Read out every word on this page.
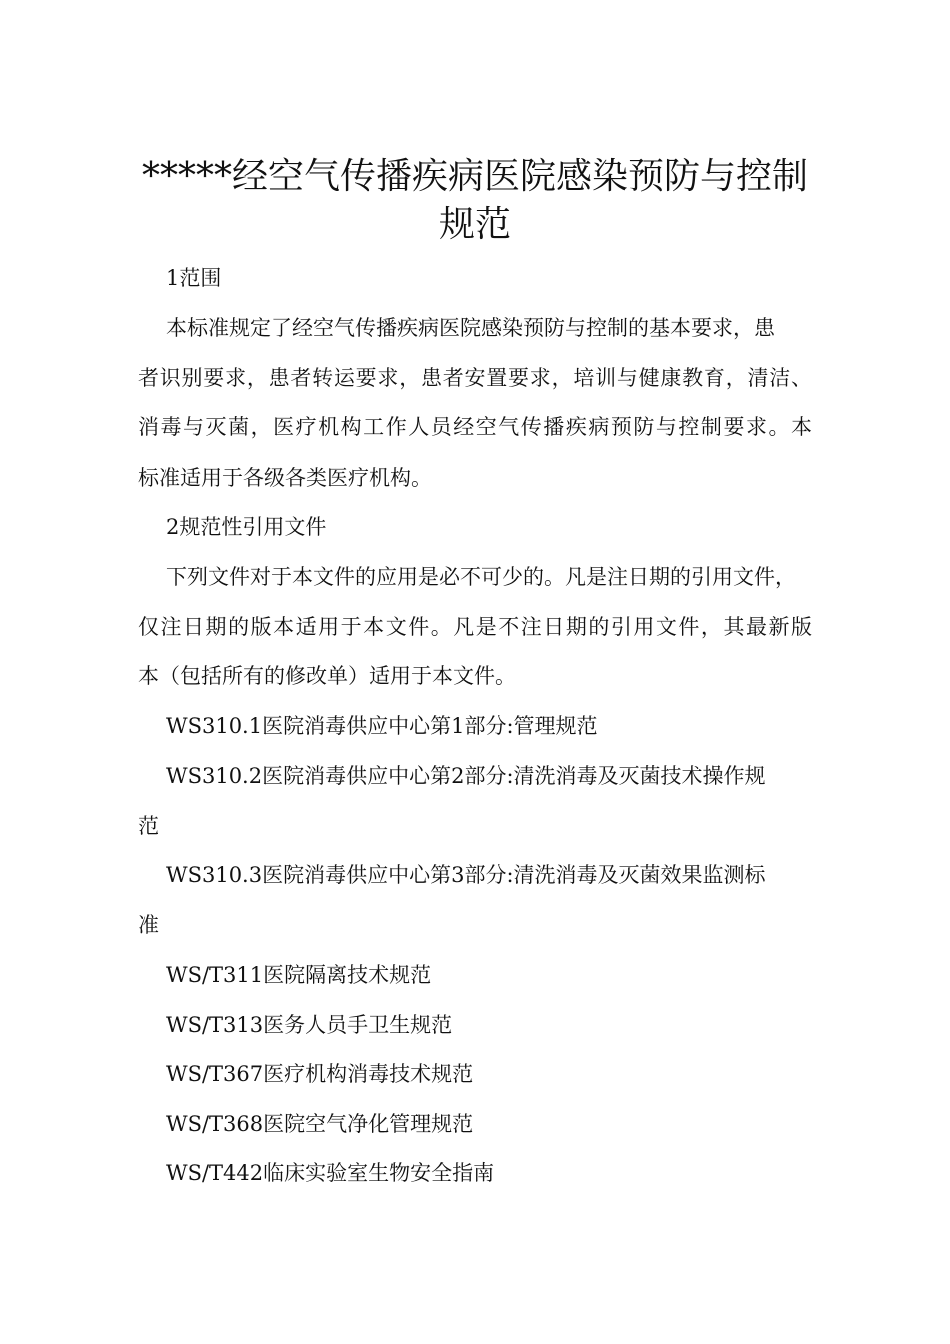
*****经空气传播疾病医院感染预防与控制
规范
1范围
本标准规定了经空气传播疾病医院感染预防与控制的基本要求，患
者识别要求，患者转运要求，患者安置要求，培训与健康教育，清洁、
消毒与灭菌，医疗机构工作人员经空气传播疾病预防与控制要求。本
标准适用于各级各类医疗机构。
2规范性引用文件
下列文件对于本文件的应用是必不可少的。凡是注日期的引用文件，
仅注日期的版本适用于本文件。凡是不注日期的引用文件，其最新版
本（包括所有的修改单）适用于本文件。
WS310.1医院消毒供应中心第1部分:管理规范
WS310.2医院消毒供应中心第2部分:清洗消毒及灭菌技术操作规
范
WS310.3医院消毒供应中心第3部分:清洗消毒及灭菌效果监测标
准
WS/T311医院隔离技术规范
WS/T313医务人员手卫生规范
WS/T367医疗机构消毒技术规范
WS/T368医院空气净化管理规范
WS/T442临床实验室生物安全指南
